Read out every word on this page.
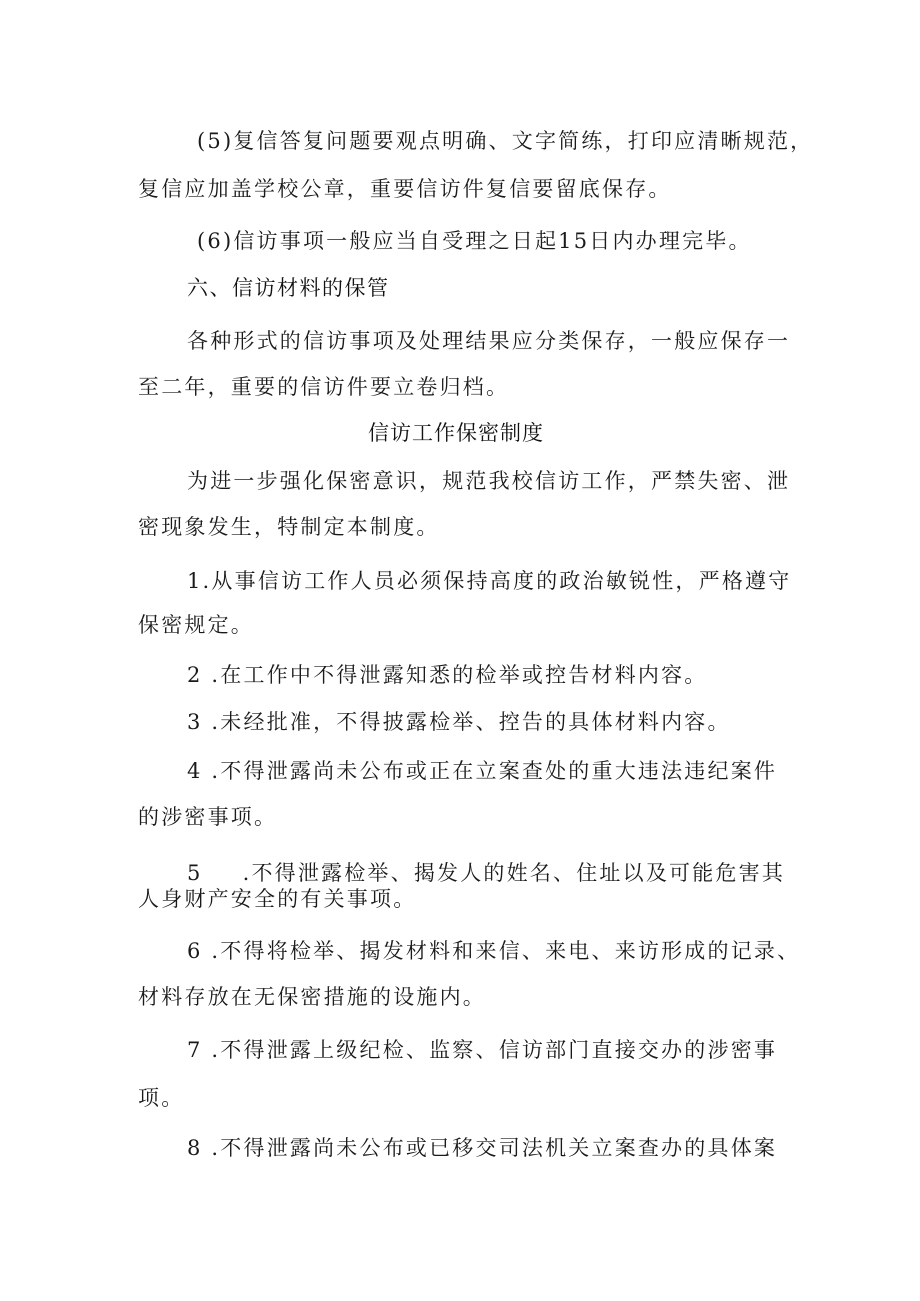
(5)复信答复问题要观点明确、文字简练，打印应清晰规范，
复信应加盖学校公章，重要信访件复信要留底保存。
(6)信访事项一般应当自受理之日起15日内办理完毕。
六、信访材料的保管
各种形式的信访事项及处理结果应分类保存，一般应保存一
至二年，重要的信访件要立卷归档。
信访工作保密制度
为进一步强化保密意识，规范我校信访工作，严禁失密、泄
密现象发生，特制定本制度。
1.从事信访工作人员必须保持高度的政治敏锐性，严格遵守
保密规定。
2 .在工作中不得泄露知悉的检举或控告材料内容。
3 .未经批准，不得披露检举、控告的具体材料内容。
4 .不得泄露尚未公布或正在立案查处的重大违法违纪案件
的涉密事项。
5 .不得泄露检举、揭发人的姓名、住址以及可能危害其
人身财产安全的有关事项。
6 .不得将检举、揭发材料和来信、来电、来访形成的记录、
材料存放在无保密措施的设施内。
7 .不得泄露上级纪检、监察、信访部门直接交办的涉密事
项。
8 .不得泄露尚未公布或已移交司法机关立案查办的具体案
